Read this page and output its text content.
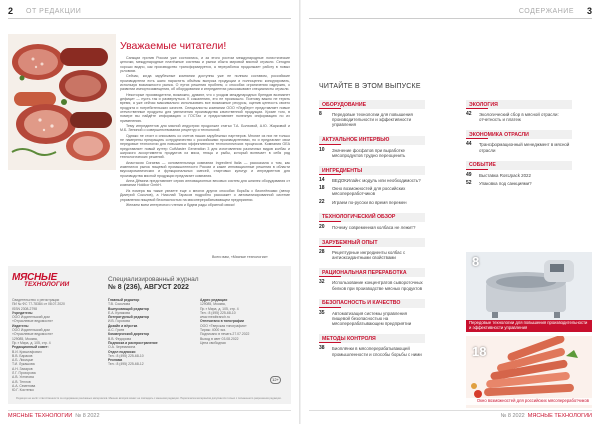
2 ОТ РЕДАКЦИИ
Уважаемые читатели!

Санкции против России уже состоялись, и за этого ростом международные логистические цепочки, международные платёжные системы и рынки сбыта мировой мясной отрасли. Сегодня хорошо видно, как производство трансформируется, а переработка продолжает работу в новых условиях.

Сейчас, когда зарубежные компании доступны уже не полным составом, российские производители есть шанс нарастить объёмы выпуска продукции и полноценно конкурировать, используя возможности рынка. О путях решения проблем, о способах ограничения издержек, о развитии импортозамещения, об оборудовании и ингредиентах рассказывают специалисты отрасли.

Некоторые производители, возможно, думают, что с уходом международных брендов возникнет дефицит — пусть так и развернуться. К сожалению, это не произошло. Поэтому важно не терять время, а уже сейчас максимально использовать все возможные ресурсы, оценив ценность своего продукта и потребительских качеств. Специалисты компании ООО «Ледберг» представляет новые отечественные продукты для увеличения производства качественной продукции. Кроме того, в номере вы найдёте информацию о ГОСТах и предоставляет полезную информацию по их применению.

Тему ингредиентов для мясной индустрии продолжат статьи Т.А. Болховой, А.Ю. Жарковой и М.Б. Зениной о совершенствовании рецептур и технологий.

Однако не стоит и списывать со счетов наших зарубежных партнеров. Многие из них не только не намерены прекращать сотрудничество с российскими производителями, но и предлагают свои передовые технологии для повышения эффективности технологических процессов. Компания GEA представляет новый куттер CutMaster Generation 3 для изготовления различных видов колбас и широкого ассортимента продуктов из мяса, птицы и рыбы, который включает в себя ряд технологических решений.

Анастасия Сигаева — основательница компании Ingredient Italia — рассказала о том, как изменился рынок пищевой промышленности России и какие инновационные решения в области вкусоароматических и функциональных смесей, стартовых культур и ингредиентов для производства мясной продукции предлагает компания.

Анна Дёмина представляет серию инновационных весовых систем для шпилек оборудования от компании Holdkor GmbH.

Из номера вы также узнаете еще о многих других способах борьбы с биоплёнками (автор Дмитрий Соколов), а Николай Тарасов подробно расскажет о автоматизированной системе управления пищевой безопасностью на мясоперерабатывающем предприятии.

Желаем всем интересного чтения и будем рады обратной связи!

Всего вам, «Мясные технологии»
МЯСНЫЕ
ТЕХНОЛОГИИ
Специализированный журнал
№ 8 (236), АВГУСТ 2022
Свидетельство о регистрации
ПИ № ФС 77-78384 от 08.07.2020
ISSN 2308-2798
Учредитель:
ООО Издательский дом
«Отраслевые ведомости»
Издатель:
ООО Издательский дом
«Отраслевые ведомости»
129085, Москва,
Пр-т Мира, д. 105, стр. 4
Редакционный совет:
В.И. Криштафович
В.В. Бараков
А.Б. Лисицын
Т.И. Лукашова
А.Н. Захаров
Л.Г. Прохорова
А.В. Устинова
А.В. Теплов
А.А. Семенова
Ю.Г. Костенко
Главный редактор
Т.В. Соколова
Выпускающий редактор
Е.А. Кулакова
Литературный редактор
И.В. Горохова
Дизайн и вёрстка
А.С. Гусев
Коммерческий директор
В.В. Федорова
Подписка и распространение
О.А. Черемисина
Отдел подписки
Тел.: 8 (495) 225-68-10
Реклама
Тел.: 8 (495) 225-68-12
Адрес редакции
129085, Москва,
Пр-т Мира, д. 105, стр. 4
Тел.: 8 (495) 225-68-10
www.meatbranch.ru
Отпечатано в типографии
ООО «Тверская типография»
Тираж: 4000 экз.
Подписано в печать 27.07.2022
Выход в свет 03.08.2022
Цена свободная
12+
Редакция не несёт ответственности за содержание рекламных материалов. Мнение авторов может не совпадать с мнением редакции. Перепечатка материалов допускается только с письменного разрешения редакции.
МЯСНЫЕ ТЕХНОЛОГИИ № 8 2022
СОДЕРЖАНИЕ 3
ЧИТАЙТЕ В ЭТОМ ВЫПУСКЕ
ОБОРУДОВАНИЕ
8 Передовые технологии для повышения производительности и эффективности управления
АКТУАЛЬНОЕ ИНТЕРВЬЮ
10 Значение фосфатов при выработке мясопродуктов трудно переоценить
ИНГРЕДИЕНТЫ
14 ВЕДОКИлайн: модуль или необходимость?
18 Окно возможностей для российских мясопереработчиков
22 Играем по-русски во время перемен
ТЕХНОЛОГИЧЕСКИЙ ОБЗОР
20 Почему современная колбаса не лежит?
ЗАРУБЕЖНЫЙ ОПЫТ
28 Рецептурные ингредиенты колбас с антиоксидантными свойствами
РАЦИОНАЛЬНАЯ ПЕРЕРАБОТКА
32 Использование концентратов сывороточных белков при производстве мясных продуктов
БЕЗОПАСНОСТЬ И КАЧЕСТВО
35 Автоматизация системы управления пищевой безопасностью на мясоперерабатывающем предприятии
МЕТОДЫ КОНТРОЛЯ
38 Биоплёнки в мясоперерабатывающей промышленности и способы борьбы с ними
ЭКОЛОГИЯ
42 Экологический сбор в мясной отрасли: отчетность и платеж
ЭКОНОМИКА ОТРАСЛИ
44 Трансформационный менеджмент в мясной отрасли
СОБЫТИЕ
49 Выставка RosUpack 2022
52 Упаковка под санкциями?
8
Передовые технологии для повышения производительности и эффективности управления
18
Окно возможностей для российских мясопереработчиков
№ 8 2022 МЯСНЫЕ ТЕХНОЛОГИИ
